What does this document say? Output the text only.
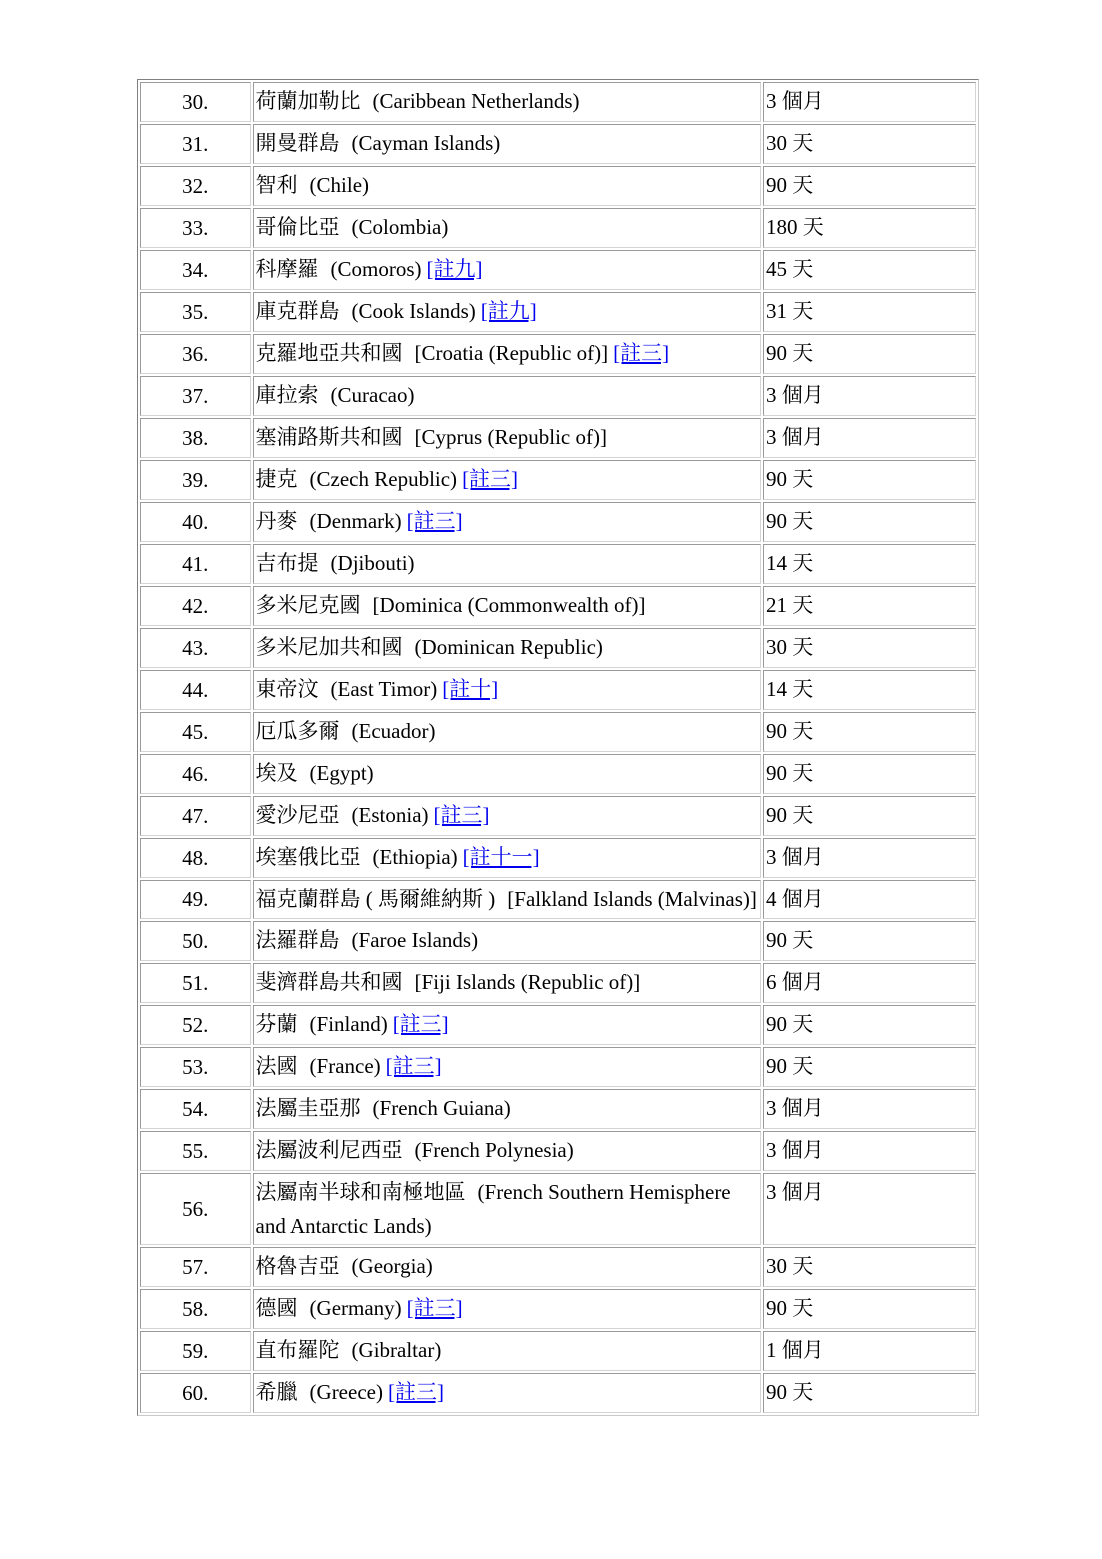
30.	荷蘭加勒比 (Caribbean Netherlands)	3 個月
31.	開曼群島 (Cayman Islands)	30 天
32.	智利 (Chile)	90 天
33.	哥倫比亞 (Colombia)	180 天
34.	科摩羅 (Comoros) [註九]	45 天
35.	庫克群島 (Cook Islands) [註九]	31 天
36.	克羅地亞共和國 [Croatia (Republic of)] [註三]	90 天
37.	庫拉索 (Curacao)	3 個月
38.	塞浦路斯共和國 [Cyprus (Republic of)]	3 個月
39.	捷克 (Czech Republic) [註三]	90 天
40.	丹麥 (Denmark) [註三]	90 天
41.	吉布提 (Djibouti)	14 天
42.	多米尼克國 [Dominica (Commonwealth of)]	21 天
43.	多米尼加共和國 (Dominican Republic)	30 天
44.	東帝汶 (East Timor) [註十]	14 天
45.	厄瓜多爾 (Ecuador)	90 天
46.	埃及 (Egypt)	90 天
47.	愛沙尼亞 (Estonia) [註三]	90 天
48.	埃塞俄比亞 (Ethiopia) [註十一]	3 個月
49.	福克蘭群島 ( 馬爾維納斯 ) [Falkland Islands (Malvinas)]	4 個月
50.	法羅群島 (Faroe Islands)	90 天
51.	斐濟群島共和國 [Fiji Islands (Republic of)]	6 個月
52.	芬蘭 (Finland) [註三]	90 天
53.	法國 (France) [註三]	90 天
54.	法屬圭亞那 (French Guiana)	3 個月
55.	法屬波利尼西亞 (French Polynesia)	3 個月
56.	法屬南半球和南極地區 (French Southern Hemisphere and Antarctic Lands)	3 個月
57.	格魯吉亞 (Georgia)	30 天
58.	德國 (Germany) [註三]	90 天
59.	直布羅陀 (Gibraltar)	1 個月
60.	希臘 (Greece) [註三]	90 天
